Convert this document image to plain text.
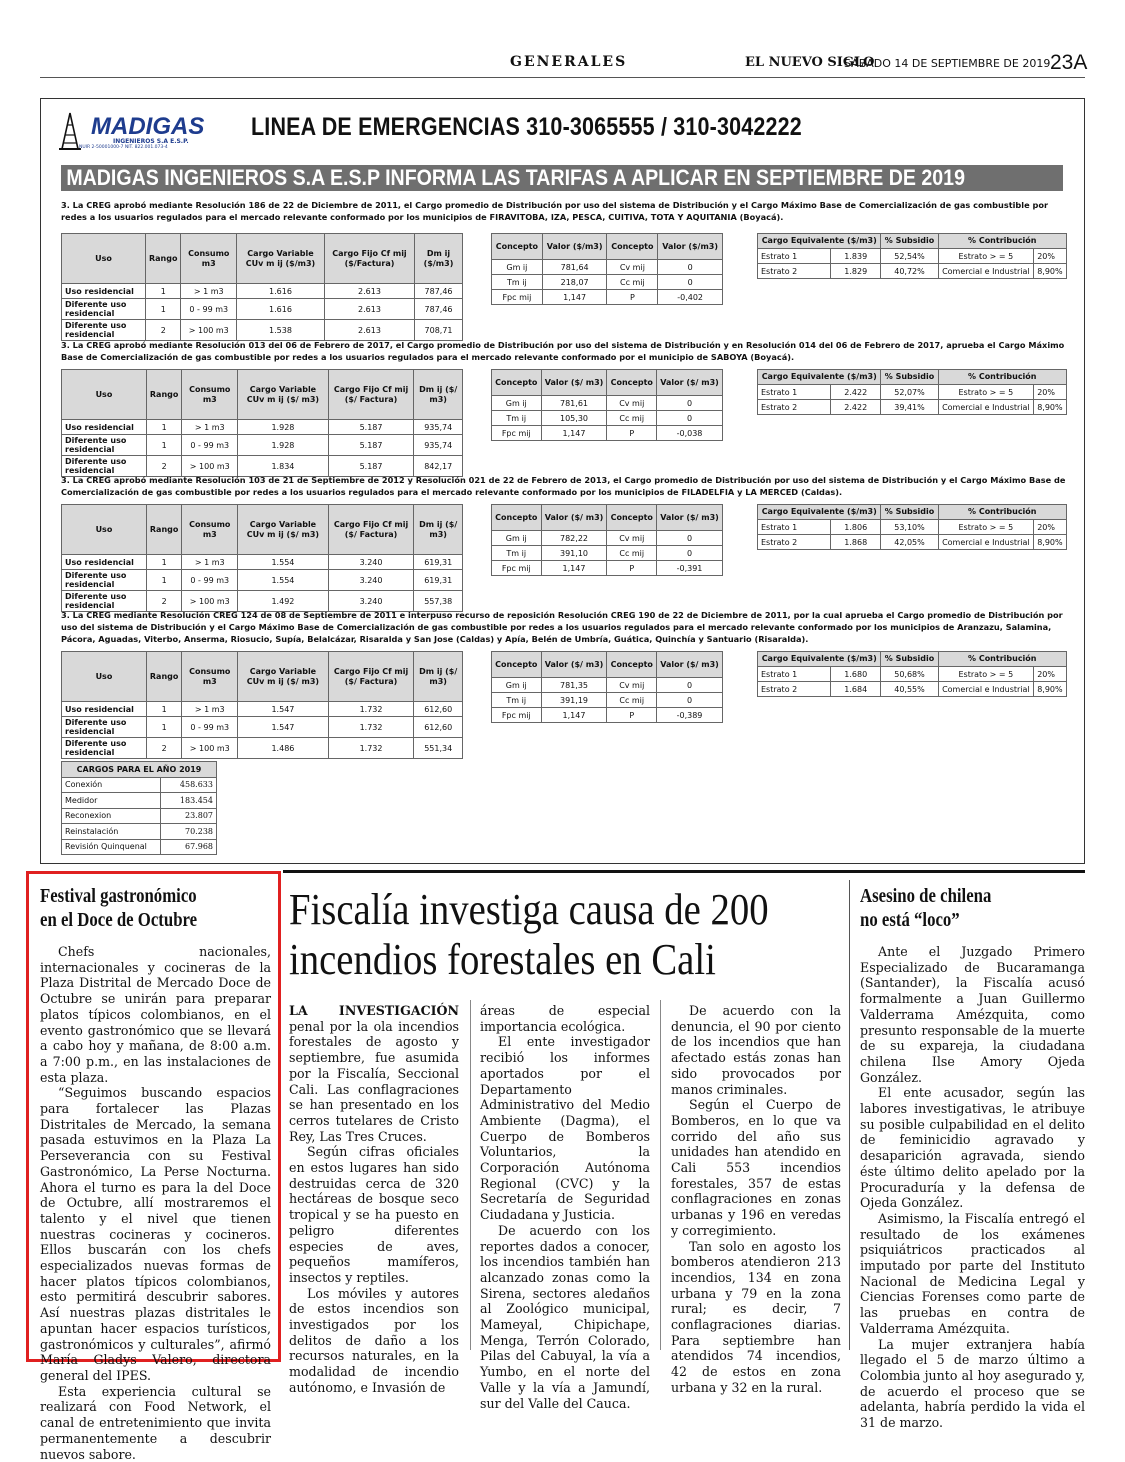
GENERALES	EL NUEVO SIGLO
SÁBADO 14 DE SEPTIEMBRE DE 2019 23A
MADIGAS
INGENIEROS S.A E.S.P.
NUIR 2-50001000-7 NIT. 822.001.073-4
LINEA DE EMERGENCIAS 310-3065555 / 310-3042222
MADIGAS INGENIEROS S.A E.S.P INFORMA LAS TARIFAS A APLICAR EN SEPTIEMBRE DE 2019
3. La CREG aprobó mediante Resolución 186 de 22 de Diciembre de 2011, el Cargo promedio de Distribución por uso del sistema de Distribución y el Cargo Máximo Base de Comercialización de gas combustible por redes a los usuarios regulados para el mercado relevante conformado por los municipios de FIRAVITOBA, IZA, PESCA, CUITIVA, TOTA Y AQUITANIA (Boyacá).
Uso	Rango	Consumo m3	Cargo Variable CUv m ij ($/m3)	Cargo Fijo Cf mij ($/Factura)	Dm ij ($/m3)
Uso residencial	1	> 1 m3	1.616	2.613	787,46
Diferente uso residencial	1	0 - 99 m3	1.616	2.613	787,46
Diferente uso residencial	2	> 100 m3	1.538	2.613	708,71
Concepto	Valor ($/m3)	Concepto	Valor ($/m3)
Gm ij	781,64	Cv mij	0
Tm ij	218,07	Cc mij	0
Fpc mij	1,147	P	-0,402
Cargo Equivalente ($/m3)		% Subsidio	% Contribución	
Estrato 1	1.839	52,54%	Estrato > = 5	20%
Estrato 2	1.829	40,72%	Comercial e Industrial	8,90%
3. La CREG aprobó mediante Resolución 013 del 06 de Febrero de 2017, el Cargo promedio de Distribución por uso del sistema de Distribución y en Resolución 014 del 06 de Febrero de 2017, aprueba el Cargo Máximo Base de Comercialización de gas combustible por redes a los usuarios regulados para el mercado relevante conformado por el municipio de SABOYA (Boyacá).
Uso	Rango	Consumo m3	Cargo Variable CUv m ij ($/ m3)	Cargo Fijo Cf mij ($/ Factura)	Dm ij ($/ m3)
Uso residencial	1	> 1 m3	1.928	5.187	935,74
Diferente uso residencial	1	0 - 99 m3	1.928	5.187	935,74
Diferente uso residencial	2	> 100 m3	1.834	5.187	842,17
Concepto	Valor ($/ m3)	Concepto	Valor ($/ m3)
Gm ij	781,61	Cv mij	0
Tm ij	105,30	Cc mij	0
Fpc mij	1,147	P	-0,038
Cargo Equivalente ($/m3)		% Subsidio	% Contribución	
Estrato 1	2.422	52,07%	Estrato > = 5	20%
Estrato 2	2.422	39,41%	Comercial e Industrial	8,90%
3. La CREG aprobó mediante Resolución 103 de 21 de Septiembre de 2012 y Resolución 021 de 22 de Febrero de 2013, el Cargo promedio de Distribución por uso del sistema de Distribución y el Cargo Máximo Base de Comercialización de gas combustible por redes a los usuarios regulados para el mercado relevante conformado por los municipios de FILADELFIA y LA MERCED (Caldas).
Uso	Rango	Consumo m3	Cargo Variable CUv m ij ($/ m3)	Cargo Fijo Cf mij ($/ Factura)	Dm ij ($/ m3)
Uso residencial	1	> 1 m3	1.554	3.240	619,31
Diferente uso residencial	1	0 - 99 m3	1.554	3.240	619,31
Diferente uso residencial	2	> 100 m3	1.492	3.240	557,38
Concepto	Valor ($/ m3)	Concepto	Valor ($/ m3)
Gm ij	782,22	Cv mij	0
Tm ij	391,10	Cc mij	0
Fpc mij	1,147	P	-0,391
Cargo Equivalente ($/m3)		% Subsidio	% Contribución	
Estrato 1	1.806	53,10%	Estrato > = 5	20%
Estrato 2	1.868	42,05%	Comercial e Industrial	8,90%
3. La CREG mediante Resolución CREG 124 de 08 de Septiembre de 2011 e interpuso recurso de reposición Resolución CREG 190 de 22 de Diciembre de 2011, por la cual aprueba el Cargo promedio de Distribución por uso del sistema de Distribución y el Cargo Máximo Base de Comercialización de gas combustible por redes a los usuarios regulados para el mercado relevante conformado por los municipios de Aranzazu, Salamina, Pácora, Aguadas, Viterbo, Anserma, Riosucio, Supía, Belalcázar, Risaralda y San Jose (Caldas) y Apía, Belén de Umbría, Guática, Quinchía y Santuario (Risaralda).
Uso	Rango	Consumo m3	Cargo Variable CUv m ij ($/ m3)	Cargo Fijo Cf mij ($/ Factura)	Dm ij ($/ m3)
Uso residencial	1	> 1 m3	1.547	1.732	612,60
Diferente uso residencial	1	0 - 99 m3	1.547	1.732	612,60
Diferente uso residencial	2	> 100 m3	1.486	1.732	551,34
Concepto	Valor ($/ m3)	Concepto	Valor ($/ m3)
Gm ij	781,35	Cv mij	0
Tm ij	391,19	Cc mij	0
Fpc mij	1,147	P	-0,389
Cargo Equivalente ($/m3)		% Subsidio	% Contribución	
Estrato 1	1.680	50,68%	Estrato > = 5	20%
Estrato 2	1.684	40,55%	Comercial e Industrial	8,90%
CARGOS PARA EL AÑO 2019	
Conexión	458.633
Medidor	183.454
Reconexion	23.807
Reinstalación	70.238
Revisión Quinquenal	67.968
Festival gastronómico
en el Doce de Octubre

Chefs nacionales, internacionales y cocineras de la Plaza Distrital de Mercado Doce de Octubre se unirán para preparar platos típicos colombianos, en el evento gastronómico que se llevará a cabo hoy y mañana, de 8:00 a.m. a 7:00 p.m., en las instalaciones de esta plaza.

“Seguimos buscando espacios para fortalecer las Plazas Distritales de Mercado, la semana pasada estuvimos en la Plaza La Perseverancia con su Festival Gastronómico, La Perse Nocturna. Ahora el turno es para la del Doce de Octubre, allí mostraremos el talento y el nivel que tienen nuestras cocineras y cocineros. Ellos buscarán con los chefs especializados nuevas formas de hacer platos típicos colombianos, esto permitirá descubrir sabores. Así nuestras plazas distritales le apuntan hacer espacios turísticos, gastronómicos y culturales”, afirmó María Gladys Valero, directora general del IPES.

Esta experiencia cultural se realizará con Food Network, el canal de entretenimiento que invita permanentemente a descubrir nuevos sabore.

Fiscalía investiga causa de 200
incendios forestales en Cali

LA INVESTIGACIÓN penal por la ola incendios forestales de agosto y septiembre, fue asumida por la Fiscalía, Seccional Cali. Las conflagraciones se han presentado en los cerros tutelares de Cristo Rey, Las Tres Cruces.

Según cifras oficiales en estos lugares han sido destruidas cerca de 320 hectáreas de bosque seco tropical y se ha puesto en peligro diferentes especies de aves, pequeños mamíferos, insectos y reptiles.

Los móviles y autores de estos incendios son investigados por los delitos de daño a los recursos naturales, en la modalidad de incendio autónomo, e Invasión de

áreas de especial importancia ecológica.

El ente investigador recibió los informes aportados por el Departamento Administrativo del Medio Ambiente (Dagma), el Cuerpo de Bomberos Voluntarios, la Corporación Autónoma Regional (CVC) y la Secretaría de Seguridad Ciudadana y Justicia.

De acuerdo con los reportes dados a conocer, los incendios también han alcanzado zonas como la Sirena, sectores aledaños al Zoológico municipal, Mameyal, Chipichape, Menga, Terrón Colorado, Pilas del Cabuyal, la vía a Yumbo, en el norte del Valle y la vía a Jamundí, sur del Valle del Cauca.

De acuerdo con la denuncia, el 90 por ciento de los incendios que han afectado estás zonas han sido provocados por manos criminales.

Según el Cuerpo de Bomberos, en lo que va corrido del año sus unidades han atendido en Cali 553 incendios forestales, 357 de estas conflagraciones en zonas urbanas y 196 en veredas y corregimiento.

Tan solo en agosto los bomberos atendieron 213 incendios, 134 en zona urbana y 79 en la zona rural; es decir, 7 conflagraciones diarias. Para septiembre han atendidos 74 incendios, 42 de estos en zona urbana y 32 en la rural.

Asesino de chilena
no está “loco”

Ante el Juzgado Primero Especializado de Bucaramanga (Santander), la Fiscalía acusó formalmente a Juan Guillermo Valderrama Amézquita, como presunto responsable de la muerte de su expareja, la ciudadana chilena Ilse Amory Ojeda González.

El ente acusador, según las labores investigativas, le atribuye su posible culpabilidad en el delito de feminicidio agravado y desaparición agravada, siendo éste último delito apelado por la Procuraduría y la defensa de Ojeda González.

Asimismo, la Fiscalía entregó el resultado de los exámenes psiquiátricos practicados al imputado por parte del Instituto Nacional de Medicina Legal y Ciencias Forenses como parte de las pruebas en contra de Valderrama Amézquita.

La mujer extranjera había llegado el 5 de marzo último a Colombia junto al hoy asegurado y, de acuerdo el proceso que se adelanta, habría perdido la vida el 31 de marzo.
